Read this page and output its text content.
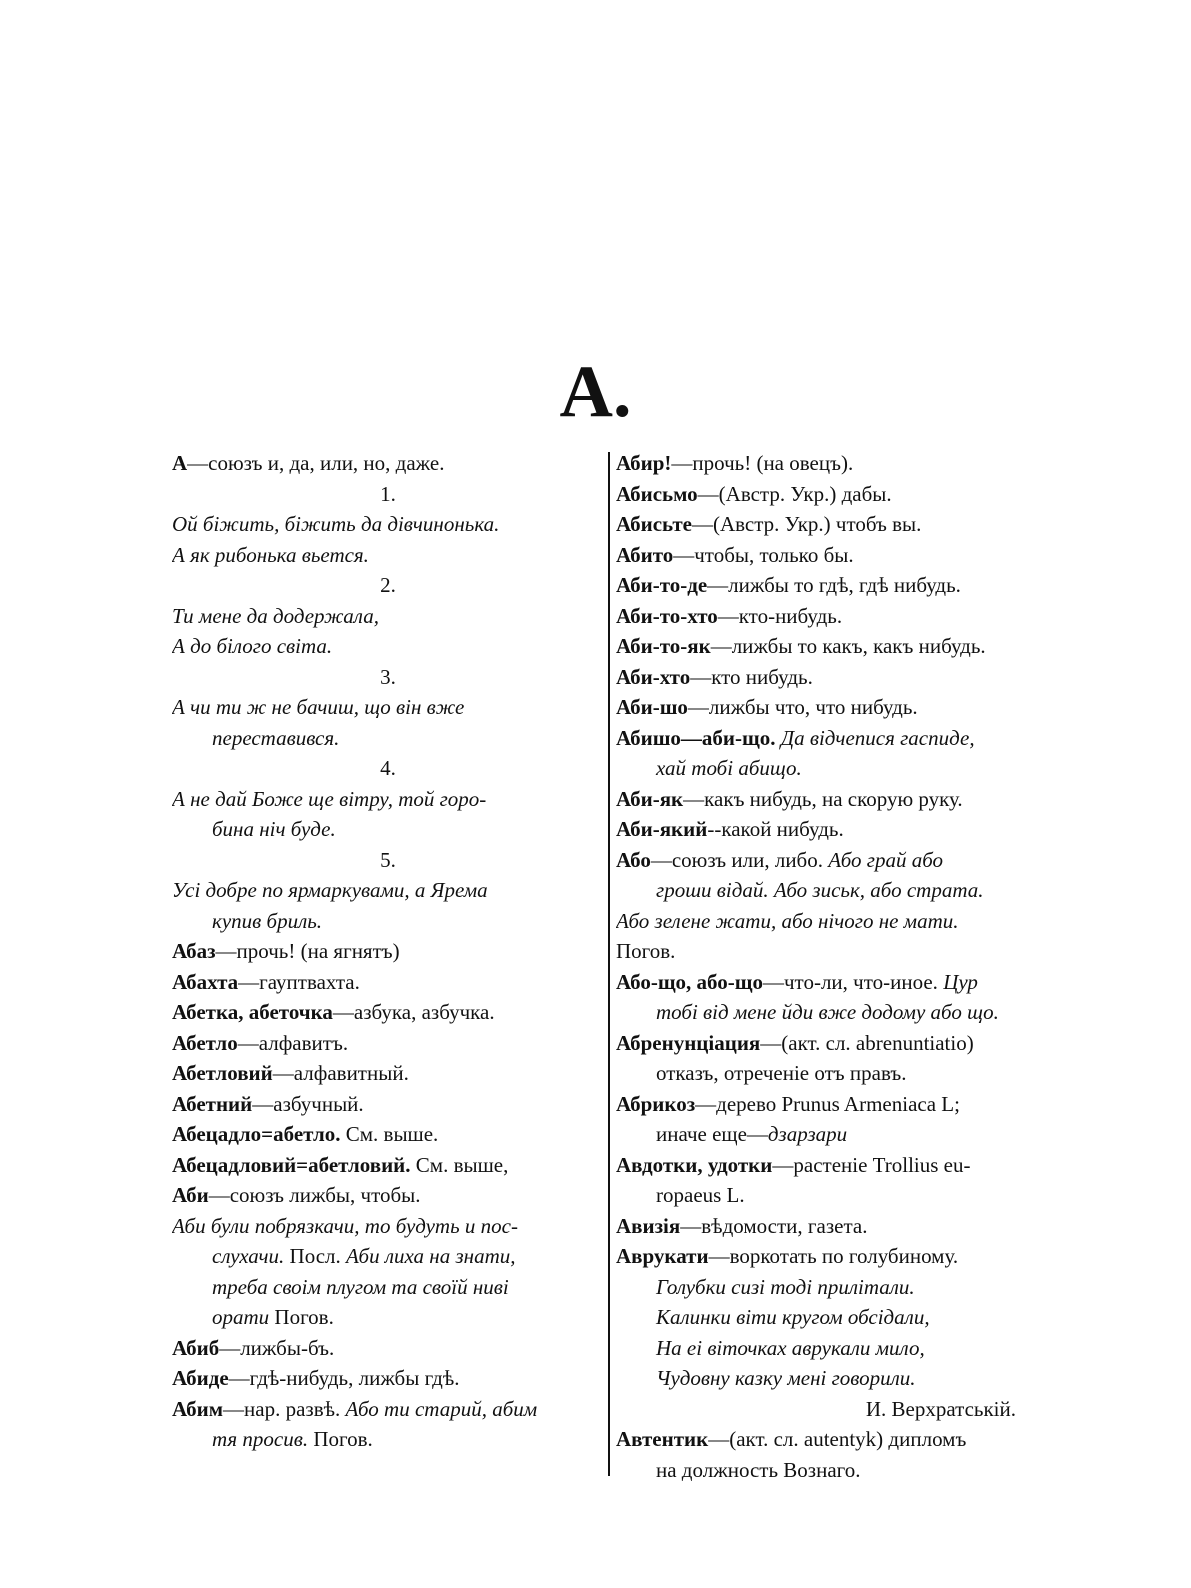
A.
А—союзъ и, да, или, но, даже.
1.
Ой біжить, біжить да дівчинонька.
А як рибонька вьется.
2.
Ти мене да додержала,
А до білого світа.
3.
А чи ти ж не бачиш, що він вже
переставився.
4.
А не дай Боже ще вітру, той горо-
бина ніч буде.
5.
Усі добре по ярмаркувами, а Ярема
купив бриль.
Абаз—прочь! (на ягнятъ)
Абахта—гауптвахта.
Абетка, абеточка—азбука, азбучка.
Абетло—алфавитъ.
Абетловий—алфавитный.
Абетний—азбучный.
Абецадло=абетло. См. выше.
Абецадловий=абетловий. См. выше,
Аби—союзъ лижбы, чтобы.
Аби були побрязкачи, то будуть и пос-
слухачи. Посл. Аби лиха на знати,
треба своім плугом та своїй ниві
орати Погов.
Абиб—лижбы-бъ.
Абиде—гдѣ-нибудь, лижбы гдѣ.
Абим—нар. развѣ. Або ти старий, абим
тя просив. Погов.
Абир!—прочь! (на овецъ).
Абисьмо—(Австр. Укр.) дабы.
Абисьте—(Австр. Укр.) чтобъ вы.
Абито—чтобы, только бы.
Аби-то-де—лижбы то гдѣ, гдѣ нибудь.
Аби-то-хто—кто-нибудь.
Аби-то-як—лижбы то какъ, какъ нибудь.
Аби-хто—кто нибудь.
Аби-шо—лижбы что, что нибудь.
Абишо—аби-що. Да відчепися гаспиде,
хай тобі абищо.
Аби-як—какъ нибудь, на скорую руку.
Аби-який--какой нибудь.
Або—союзъ или, либо. Або грай або
гроши відай. Або зиськ, або страта.
Або зелене жати, або нічого не мати.
Погов.
Або-що, або-що—что-ли, что-иное. Цур
тобі від мене йди вже додому або що.
Абренунціация—(акт. сл. abrenuntiatio)
отказъ, отреченіе отъ правъ.
Абрикоз—дерево Prunus Armeniaca L;
иначе еще—дзарзари
Авдотки, удотки—растеніе Trollius eu-
ropaeus L.
Авизія—вѣдомости, газета.
Аврукати—воркотать по голубиному.
Голубки сизі тоді прилітали.
Калинки віти кругом обсідали,
На еі віточках аврукали мило,
Чудовну казку мені говорили.
И. Верхратській.
Автентик—(акт. сл. autentyk) дипломъ
на должность Вознаго.
